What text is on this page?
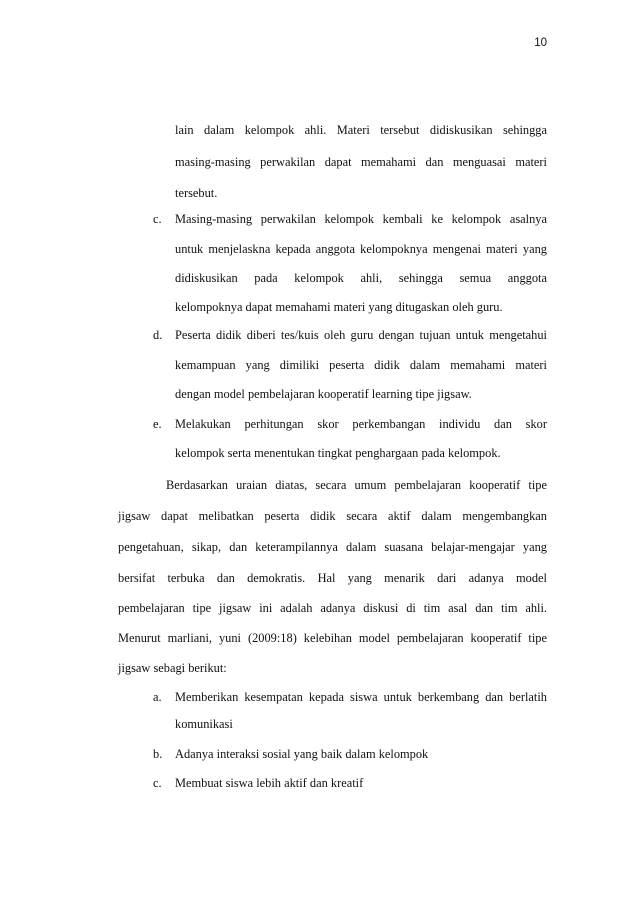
10
lain dalam kelompok ahli. Materi tersebut didiskusikan sehingga
masing-masing perwakilan dapat memahami dan menguasai materi
tersebut.
c. Masing-masing perwakilan kelompok kembali ke kelompok asalnya
untuk menjelaskna kepada anggota kelompoknya mengenai materi yang
didiskusikan pada kelompok ahli, sehingga semua anggota
kelompoknya dapat memahami materi yang ditugaskan oleh guru.
d. Peserta didik diberi tes/kuis oleh guru dengan tujuan untuk mengetahui
kemampuan yang dimiliki peserta didik dalam memahami materi
dengan model pembelajaran kooperatif learning tipe jigsaw.
e. Melakukan perhitungan skor perkembangan individu dan skor
kelompok serta menentukan tingkat penghargaan pada kelompok.
Berdasarkan uraian diatas, secara umum pembelajaran kooperatif tipe
jigsaw dapat melibatkan peserta didik secara aktif dalam mengembangkan
pengetahuan, sikap, dan keterampilannya dalam suasana belajar-mengajar yang
bersifat terbuka dan demokratis. Hal yang menarik dari adanya model
pembelajaran tipe jigsaw ini adalah adanya diskusi di tim asal dan tim ahli.
Menurut marliani, yuni (2009:18) kelebihan model pembelajaran kooperatif tipe
jigsaw sebagi berikut:
a. Memberikan kesempatan kepada siswa untuk berkembang dan berlatih
komunikasi
b. Adanya interaksi sosial yang baik dalam kelompok
c. Membuat siswa lebih aktif dan kreatif
